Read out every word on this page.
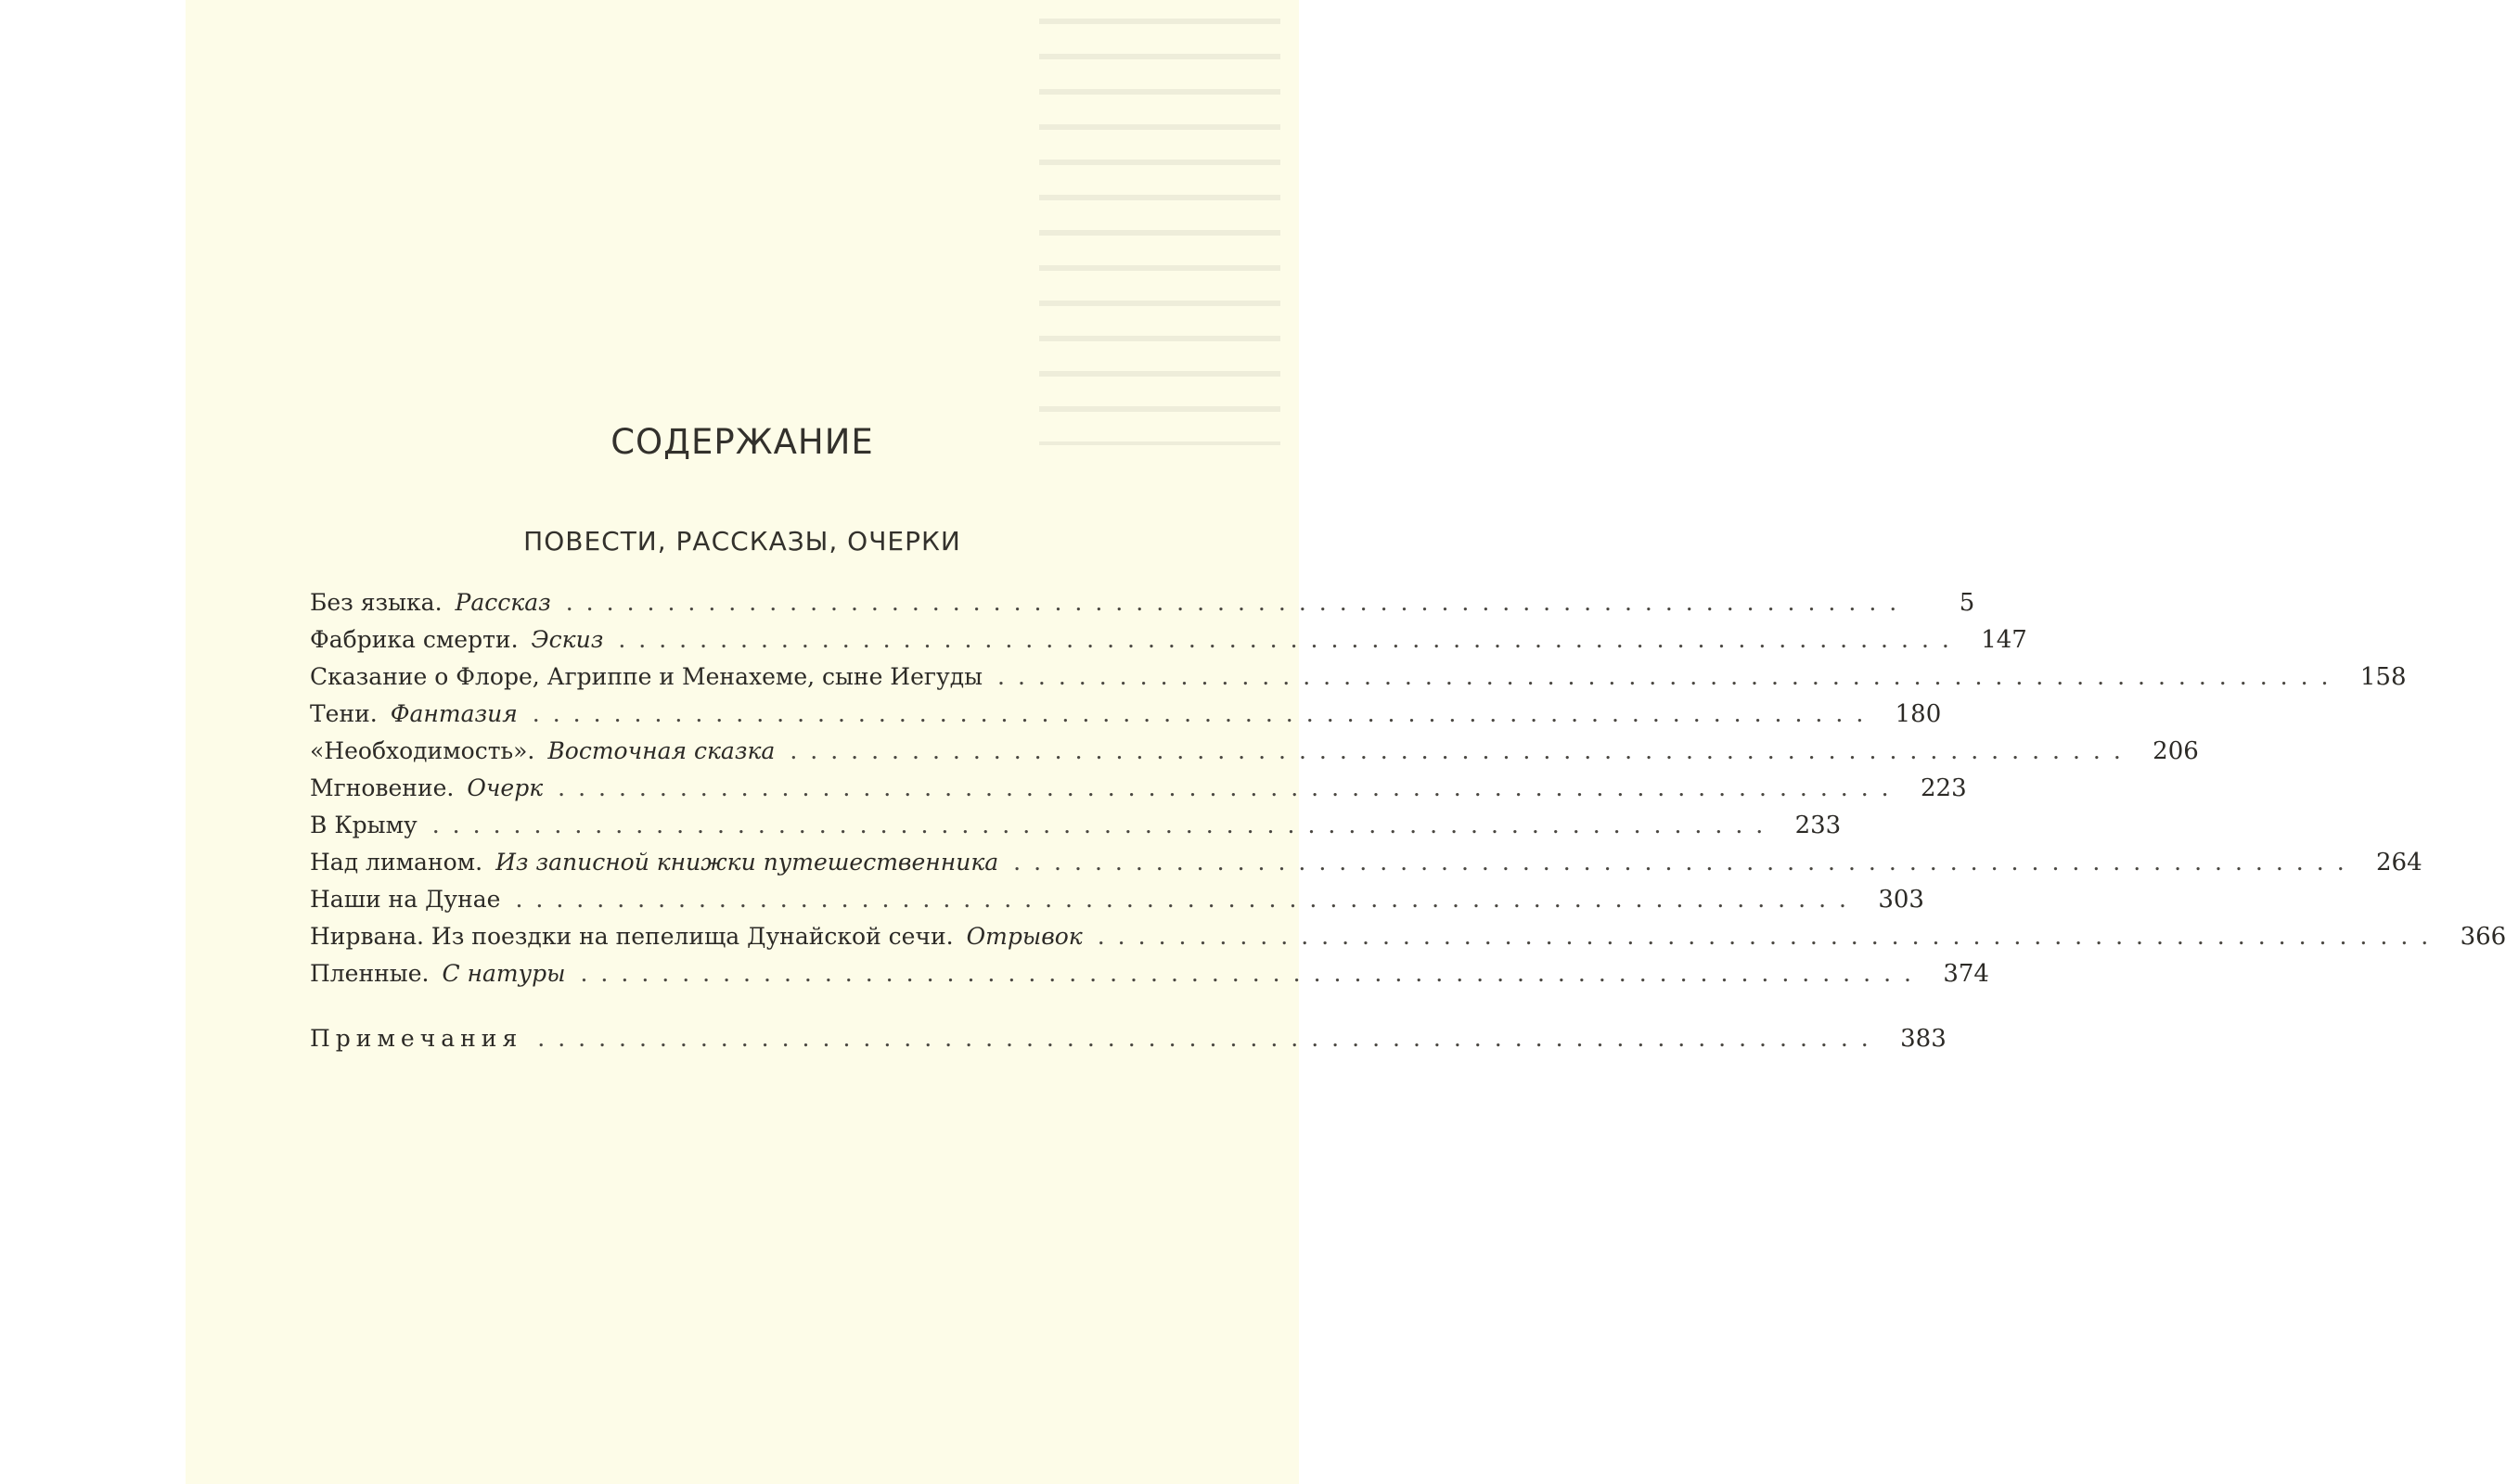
СОДЕРЖАНИЕ
ПОВЕСТИ, РАССКАЗЫ, ОЧЕРКИ
Без языка. Рассказ ..................................................................	5
Фабрика смерти. Эскиз .................................................................. 147
Сказание о Флоре, Агриппе и Менахеме, сыне Иегуды .................................................................. 158
Тени. Фантазия .................................................................. 180
«Необходимость». Восточная сказка .................................................................. 206
Мгновение. Очерк .................................................................. 223
В Крыму .................................................................. 233
Над лиманом. Из записной книжки путешественника .................................................................. 264
Наши на Дунае .................................................................. 303
Нирвана. Из поездки на пепелища Дунайской сечи. Отрывок .................................................................. 366
Пленные. С натуры .................................................................. 374
Примечания .................................................................. 383
